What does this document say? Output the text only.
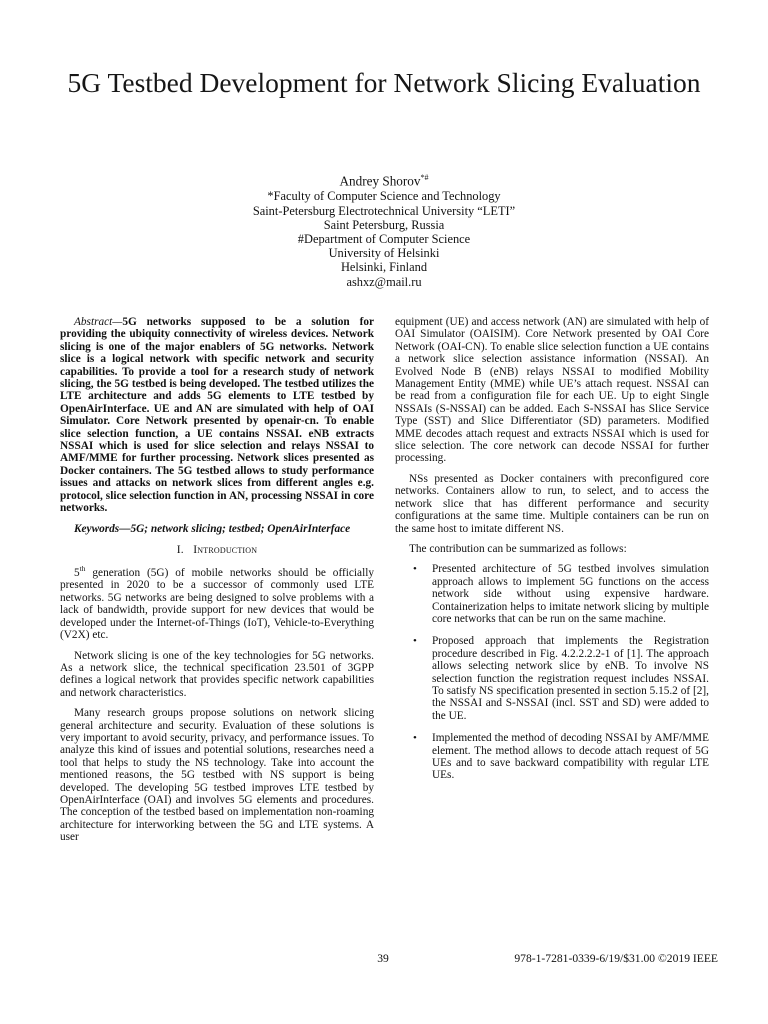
5G Testbed Development for Network Slicing Evaluation
Andrey Shorov*#
*Faculty of Computer Science and Technology
Saint-Petersburg Electrotechnical University “LETI”
Saint Petersburg, Russia
#Department of Computer Science
University of Helsinki
Helsinki, Finland
ashxz@mail.ru

Abstract—5G networks supposed to be a solution for providing the ubiquity connectivity of wireless devices. Network slicing is one of the major enablers of 5G networks. Network slice is a logical network with specific network and security capabilities. To provide a tool for a research study of network slicing, the 5G testbed is being developed. The testbed utilizes the LTE architecture and adds 5G elements to LTE testbed by OpenAirInterface. UE and AN are simulated with help of OAI Simulator. Core Network presented by openair-cn. To enable slice selection function, a UE contains NSSAI. eNB extracts NSSAI which is used for slice selection and relays NSSAI to AMF/MME for further processing. Network slices presented as Docker containers. The 5G testbed allows to study performance issues and attacks on network slices from different angles e.g. protocol, slice selection function in AN, processing NSSAI in core networks.

Keywords—5G; network slicing; testbed; OpenAirInterface

I. Introduction

5th generation (5G) of mobile networks should be officially presented in 2020 to be a successor of commonly used LTE networks. 5G networks are being designed to solve problems with a lack of bandwidth, provide support for new devices that would be developed under the Internet-of-Things (IoT), Vehicle-to-Everything (V2X) etc.

Network slicing is one of the key technologies for 5G networks. As a network slice, the technical specification 23.501 of 3GPP defines a logical network that provides specific network capabilities and network characteristics.

Many research groups propose solutions on network slicing general architecture and security. Evaluation of these solutions is very important to avoid security, privacy, and performance issues. To analyze this kind of issues and potential solutions, researches need a tool that helps to study the NS technology. Take into account the mentioned reasons, the 5G testbed with NS support is being developed. The developing 5G testbed improves LTE testbed by OpenAirInterface (OAI) and involves 5G elements and procedures. The conception of the testbed based on implementation non-roaming architecture for interworking between the 5G and LTE systems. A user

equipment (UE) and access network (AN) are simulated with help of OAI Simulator (OAISIM). Core Network presented by OAI Core Network (OAI-CN). To enable slice selection function a UE contains a network slice selection assistance information (NSSAI). An Evolved Node B (eNB) relays NSSAI to modified Mobility Management Entity (MME) while UE’s attach request. NSSAI can be read from a configuration file for each UE. Up to eight Single NSSAIs (S-NSSAI) can be added. Each S-NSSAI has Slice Service Type (SST) and Slice Differentiator (SD) parameters. Modified MME decodes attach request and extracts NSSAI which is used for slice selection. The core network can decode NSSAI for further processing.

NSs presented as Docker containers with preconfigured core networks. Containers allow to run, to select, and to access the network slice that has different performance and security configurations at the same time. Multiple containers can be run on the same host to imitate different NS.

The contribution can be summarized as follows:

• Presented architecture of 5G testbed involves simulation approach allows to implement 5G functions on the access network side without using expensive hardware. Containerization helps to imitate network slicing by multiple core networks that can be run on the same machine.
• Proposed approach that implements the Registration procedure described in Fig. 4.2.2.2.2-1 of [1]. The approach allows selecting network slice by eNB. To involve NS selection function the registration request includes NSSAI. To satisfy NS specification presented in section 5.15.2 of [2], the NSSAI and S-NSSAI (incl. SST and SD) were added to the UE.
• Implemented the method of decoding NSSAI by AMF/MME element. The method allows to decode attach request of 5G UEs and to save backward compatibility with regular LTE UEs.
39	978-1-7281-0339-6/19/$31.00 ©2019 IEEE
